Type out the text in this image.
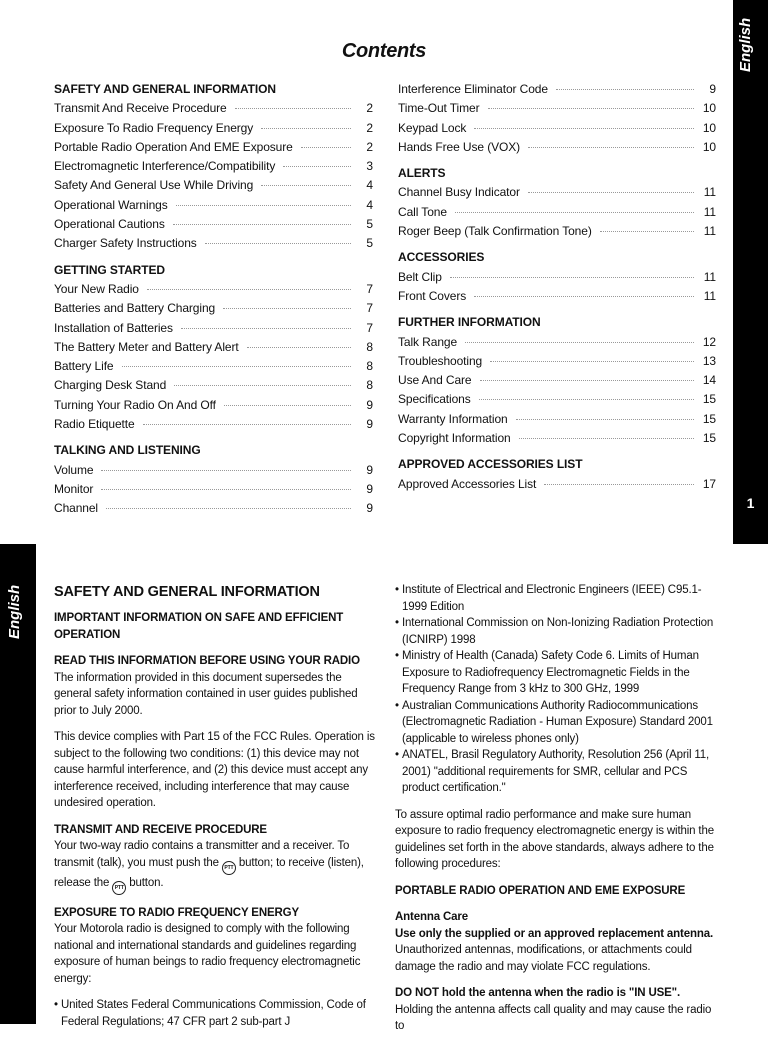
Contents
SAFETY AND GENERAL INFORMATION
Transmit And Receive Procedure	2
Exposure To Radio Frequency Energy	2
Portable Radio Operation And EME Exposure	2
Electromagnetic Interference/Compatibility	3
Safety And General Use While Driving	4
Operational Warnings	4
Operational Cautions	5
Charger Safety Instructions	5
GETTING STARTED
Your New Radio	7
Batteries and Battery Charging	7
Installation of Batteries	7
The Battery Meter and Battery Alert	8
Battery Life	8
Charging Desk Stand	8
Turning Your Radio On And Off	9
Radio Etiquette	9
TALKING AND LISTENING
Volume	9
Monitor	9
Channel	9
Interference Eliminator Code	9
Time-Out Timer	10
Keypad Lock	10
Hands Free Use (VOX)	10
ALERTS
Channel Busy Indicator	11
Call Tone	11
Roger Beep (Talk Confirmation Tone)	11
ACCESSORIES
Belt Clip	11
Front Covers	11
FURTHER INFORMATION
Talk Range	12
Troubleshooting	13
Use And Care	14
Specifications	15
Warranty Information	15
Copyright Information	15
APPROVED ACCESSORIES LIST
Approved Accessories List	17
English
1
English SAFETY AND GENERAL INFORMATION
IMPORTANT INFORMATION ON SAFE AND EFFICIENT OPERATION
READ THIS INFORMATION BEFORE USING YOUR RADIO
The information provided in this document supersedes the general safety information contained in user guides published prior to July 2000.
This device complies with Part 15 of the FCC Rules. Operation is subject to the following two conditions: (1) this device may not cause harmful interference, and (2) this device must accept any interference received, including interference that may cause undesired operation.
TRANSMIT AND RECEIVE PROCEDURE
Your two-way radio contains a transmitter and a receiver. To transmit (talk), you must push the PTT button; to receive (listen), release the PTT button.
EXPOSURE TO RADIO FREQUENCY ENERGY
Your Motorola radio is designed to comply with the following national and international standards and guidelines regarding exposure of human beings to radio frequency electromagnetic energy:
• United States Federal Communications Commission, Code of Federal Regulations; 47 CFR part 2 sub-part J
• Institute of Electrical and Electronic Engineers (IEEE) C95.1-1999 Edition
• International Commission on Non-Ionizing Radiation Protection (ICNIRP) 1998
• Ministry of Health (Canada) Safety Code 6. Limits of Human Exposure to Radiofrequency Electromagnetic Fields in the Frequency Range from 3 kHz to 300 GHz, 1999
• Australian Communications Authority Radiocommunications (Electromagnetic Radiation - Human Exposure) Standard 2001 (applicable to wireless phones only)
• ANATEL, Brasil Regulatory Authority, Resolution 256 (April 11, 2001) "additional requirements for SMR, cellular and PCS product certification."
To assure optimal radio performance and make sure human exposure to radio frequency electromagnetic energy is within the guidelines set forth in the above standards, always adhere to the following procedures:
PORTABLE RADIO OPERATION AND EME EXPOSURE
Antenna Care
Use only the supplied or an approved replacement antenna. Unauthorized antennas, modifications, or attachments could damage the radio and may violate FCC regulations.
DO NOT hold the antenna when the radio is "IN USE". Holding the antenna affects call quality and may cause the radio to
